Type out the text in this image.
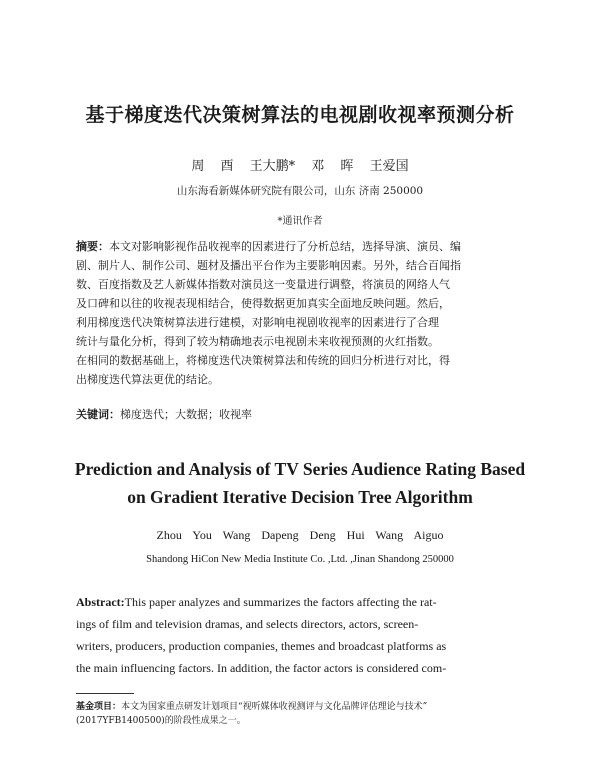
基于梯度迭代决策树算法的电视剧收视率预测分析
周 酉 王大鹏* 邓 晖 王爱国
山东海看新媒体研究院有限公司，山东 济南 250000
*通讯作者
摘要：本文对影响影视作品收视率的因素进行了分析总结，选择导演、演员、编
剧、制片人、制作公司、题材及播出平台作为主要影响因素。另外，结合百闻指
数、百度指数及艺人新媒体指数对演员这一变量进行调整，将演员的网络人气
及口碑和以往的收视表现相结合，使得数据更加真实全面地反映问题。然后，
利用梯度迭代决策树算法进行建模，对影响电视剧收视率的因素进行了合理
统计与量化分析，得到了较为精确地表示电视剧未来收视预测的火红指数。
在相同的数据基础上，将梯度迭代决策树算法和传统的回归分析进行对比，得
出梯度迭代算法更优的结论。
关键词：梯度迭代；大数据；收视率
Prediction and Analysis of TV Series Audience Rating Based
on Gradient Iterative Decision Tree Algorithm
Zhou You Wang Dapeng Deng Hui Wang Aiguo
Shandong HiCon New Media Institute Co. ,Ltd. ,Jinan Shandong 250000
Abstract:This paper analyzes and summarizes the factors affecting the rat-
ings of film and television dramas, and selects directors, actors, screen-
writers, producers, production companies, themes and broadcast platforms as
the main influencing factors. In addition, the factor actors is considered com-
基金项目：本文为国家重点研发计划项目“视听媒体收视测评与文化品牌评估理论与技术”
(2017YFB1400500)的阶段性成果之一。
